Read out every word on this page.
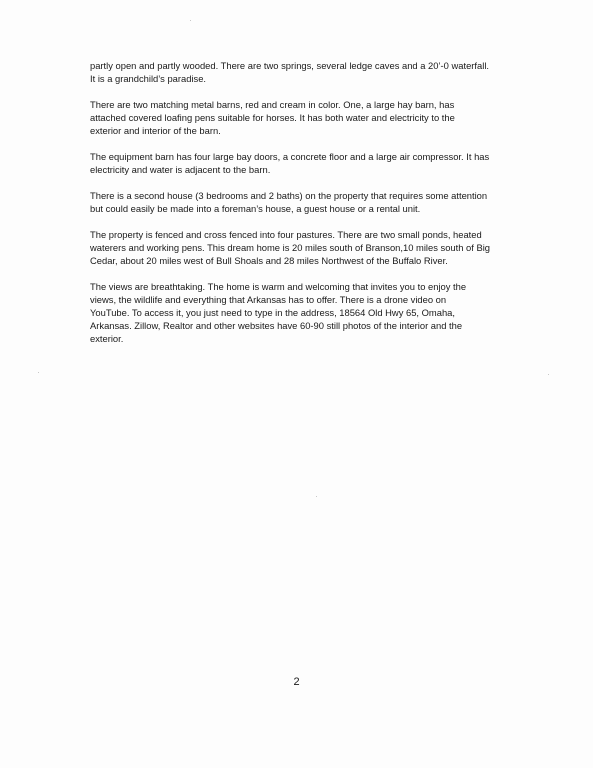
partly open and partly wooded. There are two springs, several ledge caves and a 20’-0 waterfall.
It is a grandchild’s paradise.

There are two matching metal barns, red and cream in color. One, a large hay barn, has
attached covered loafing pens suitable for horses. It has both water and electricity to the
exterior and interior of the barn.

The equipment barn has four large bay doors, a concrete floor and a large air compressor. It has
electricity and water is adjacent to the barn.

There is a second house (3 bedrooms and 2 baths) on the property that requires some attention
but could easily be made into a foreman’s house, a guest house or a rental unit.

The property is fenced and cross fenced into four pastures. There are two small ponds, heated
waterers and working pens. This dream home is 20 miles south of Branson,10 miles south of Big
Cedar, about 20 miles west of Bull Shoals and 28 miles Northwest of the Buffalo River.

The views are breathtaking. The home is warm and welcoming that invites you to enjoy the
views, the wildlife and everything that Arkansas has to offer. There is a drone video on
YouTube. To access it, you just need to type in the address, 18564 Old Hwy 65, Omaha,
Arkansas. Zillow, Realtor and other websites have 60-90 still photos of the interior and the
exterior.

2
